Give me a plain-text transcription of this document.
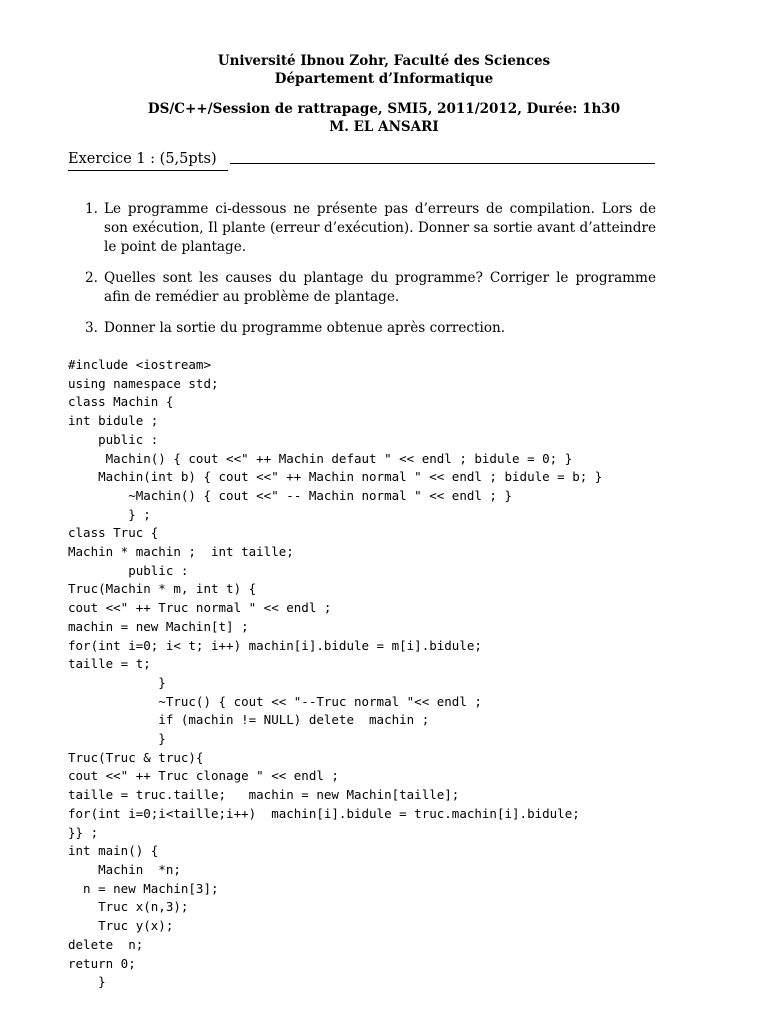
Université Ibnou Zohr, Faculté des Sciences
Département d’Informatique
DS/C++/Session de rattrapage, SMI5, 2011/2012, Durée: 1h30
M. EL ANSARI
Exercice 1 : (5,5pts)
1. Le programme ci-dessous ne présente pas d’erreurs de compilation. Lors de son exécution, Il plante (erreur d’exécution). Donner sa sortie avant d’atteindre le point de plantage.
2. Quelles sont les causes du plantage du programme? Corriger le programme afin de remédier au problème de plantage.
3. Donner la sortie du programme obtenue après correction.
#include <iostream>
using namespace std;
class Machin {
int bidule ;
public :
Machin() { cout <<" ++ Machin defaut " << endl ; bidule = 0; }
Machin(int b) { cout <<" ++ Machin normal " << endl ; bidule = b; }
~Machin() { cout <<" -- Machin normal " << endl ; }
} ;
class Truc {
Machin * machin ;  int taille;
public :
Truc(Machin * m, int t) {
cout <<" ++ Truc normal " << endl ;
machin = new Machin[t] ;
for(int i=0; i< t; i++) machin[i].bidule = m[i].bidule;
taille = t;
}
~Truc() { cout << "--Truc normal "<< endl ;
if (machin != NULL) delete  machin ;
}
Truc(Truc & truc){
cout <<" ++ Truc clonage " << endl ;
taille = truc.taille;   machin = new Machin[taille];
for(int i=0;i<taille;i++)  machin[i].bidule = truc.machin[i].bidule;
}} ;
int main() {
Machin  *n;
n = new Machin[3];
Truc x(n,3);
Truc y(x);
delete  n;
return 0;
}
